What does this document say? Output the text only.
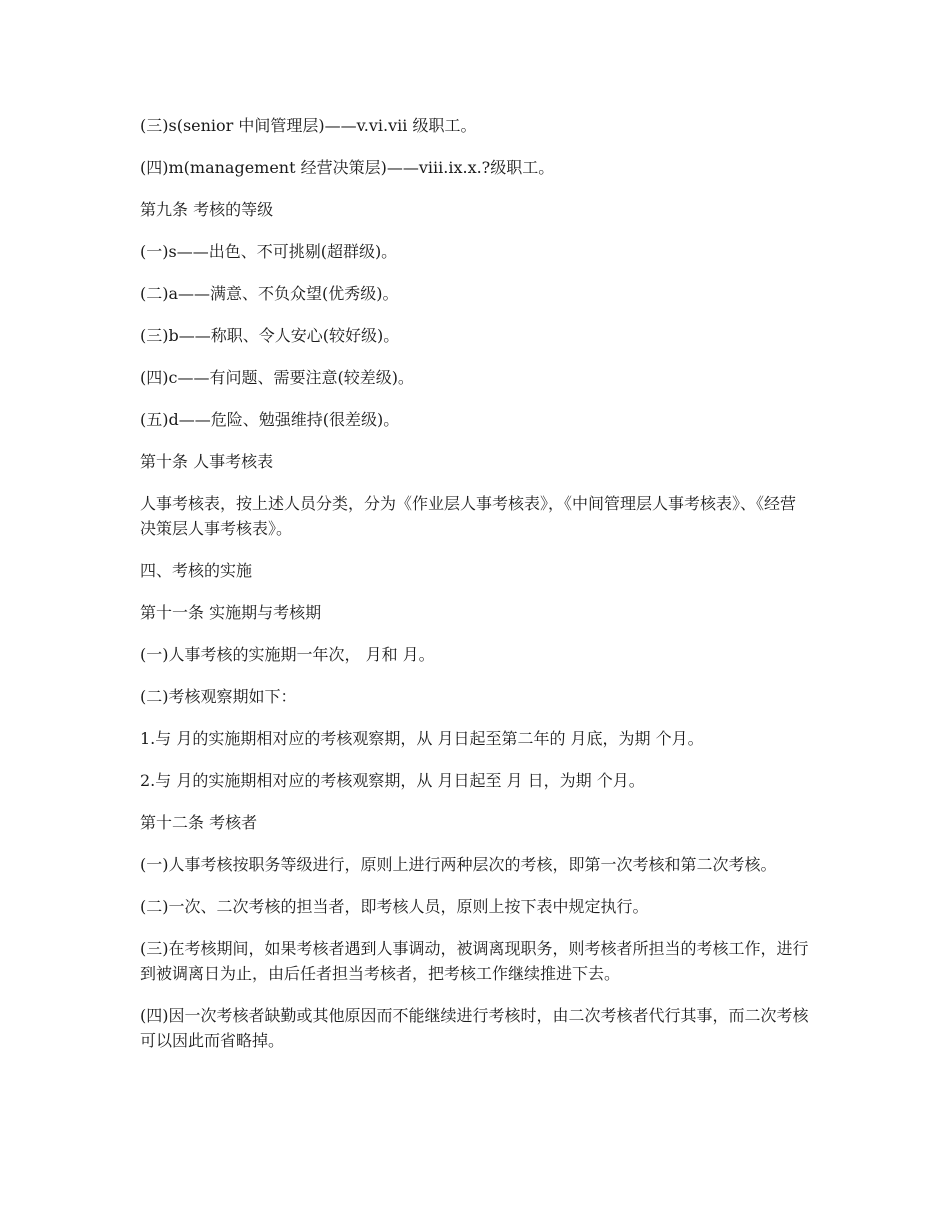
(三)s(senior 中间管理层)——v.vi.vii 级职工。

(四)m(management 经营决策层)——viii.ix.x.?级职工。

第九条 考核的等级

(一)s——出色、不可挑剔(超群级)。

(二)a——满意、不负众望(优秀级)。

(三)b——称职、令人安心(较好级)。

(四)c——有问题、需要注意(较差级)。

(五)d——危险、勉强维持(很差级)。

第十条 人事考核表

人事考核表，按上述人员分类，分为《作业层人事考核表》，《中间管理层人事考核表》、《经营决策层人事考核表》。

四、考核的实施

第十一条 实施期与考核期

(一)人事考核的实施期一年次， 月和 月。

(二)考核观察期如下：

1.与 月的实施期相对应的考核观察期，从 月日起至第二年的 月底，为期 个月。

2.与 月的实施期相对应的考核观察期，从 月日起至 月 日，为期 个月。

第十二条 考核者

(一)人事考核按职务等级进行，原则上进行两种层次的考核，即第一次考核和第二次考核。

(二)一次、二次考核的担当者，即考核人员，原则上按下表中规定执行。

(三)在考核期间，如果考核者遇到人事调动，被调离现职务，则考核者所担当的考核工作，进行到被调离日为止，由后任者担当考核者，把考核工作继续推进下去。

(四)因一次考核者缺勤或其他原因而不能继续进行考核时，由二次考核者代行其事，而二次考核可以因此而省略掉。
